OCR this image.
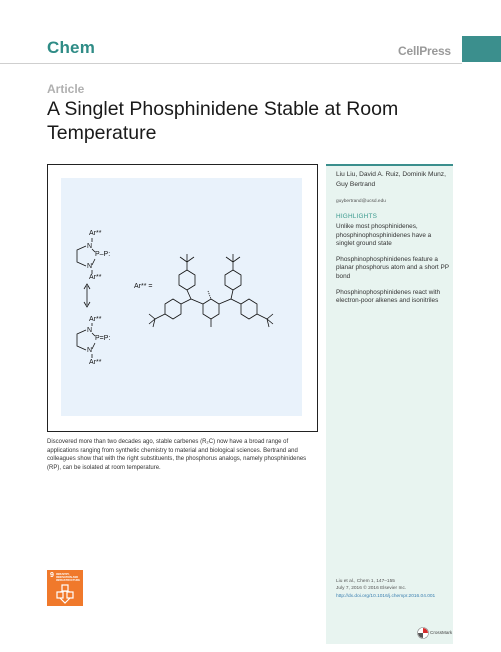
Chem	CellPress
Article
A Singlet Phosphinidene Stable at Room Temperature
Ar**
N
P–P:
N
Ar**
Ar**
N
P=P:
N
Ar**
Ar** =
Discovered more than two decades ago, stable carbenes (R₂C) now have a broad range of applications ranging from synthetic chemistry to material and biological sciences. Bertrand and colleagues show that with the right substituents, the phosphorus analogs, namely phosphinidenes (RP), can be isolated at room temperature.
Liu Liu, David A. Ruiz, Dominik Munz, Guy Bertrand
guybertrand@ucsd.edu
HIGHLIGHTS
Unlike most phosphinidenes, phosphinophosphinidenes have a singlet ground state
Phosphinophosphinidenes feature a planar phosphorus atom and a short PP bond
Phosphinophosphinidenes react with electron-poor alkenes and isonitriles
Liu et al., Chem 1, 147–155
July 7, 2016 © 2016 Elsevier Inc.
http://dx.doi.org/10.1016/j.chempr.2016.04.001
9 INDUSTRY, INNOVATION AND INFRASTRUCTURE
CrossMark
